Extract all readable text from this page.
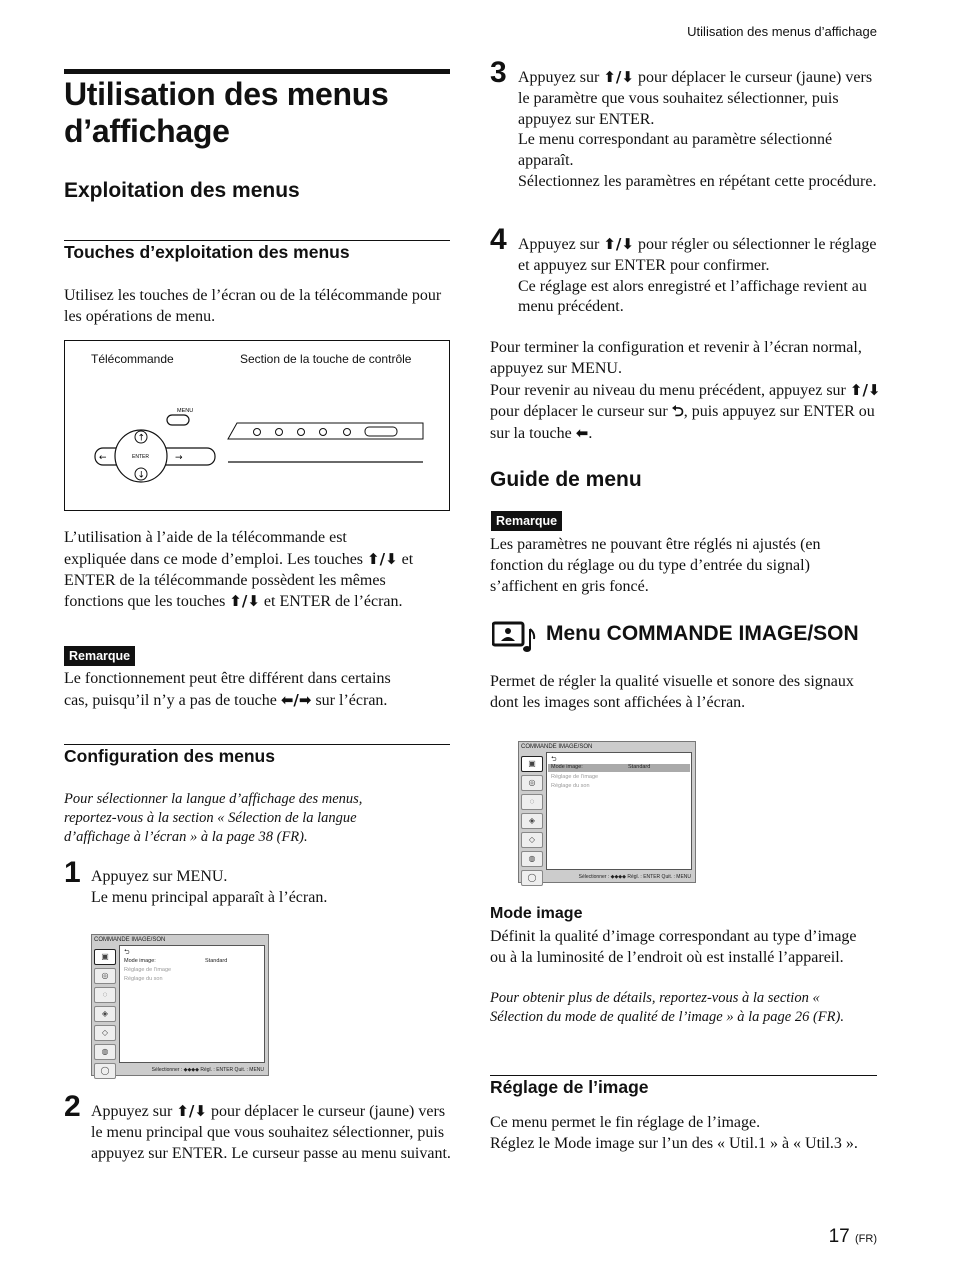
Utilisation des menus d’affichage
Utilisation des menus
d’affichage
Exploitation des menus
Touches d’exploitation des menus
Utilisez les touches de l’écran ou de la télécommande pour les opérations de menu.
Télécommande	Section de la touche de contrôle
MENU
↑
↓
ENTER
←	→
L’utilisation à l’aide de la télécommande est
expliquée dans ce mode d’emploi. Les touches ⬆/⬇ et
ENTER de la télécommande possèdent les mêmes
fonctions que les touches ⬆/⬇ et ENTER de l’écran.
Remarque
Le fonctionnement peut être différent dans certains
cas, puisqu’il n’y a pas de touche ⬅/➡ sur l’écran.
Configuration des menus
Pour sélectionner la langue d’affichage des menus, reportez-vous à la section « Sélection de la langue d’affichage à l’écran » à la page 38 (FR).
1 Appuyez sur MENU.
Le menu principal apparaît à l’écran.
COMMANDE IMAGE/SON
▣
◎
◌
◈
◇
◍
◯
⮌
Mode image:	Standard
Réglage de l’image
Réglage du son
Sélectionner : ◆◆◆◆ Régl. : ENTER Quit. : MENU
2 Appuyez sur ⬆/⬇ pour déplacer le curseur (jaune) vers le menu principal que vous souhaitez sélectionner, puis appuyez sur ENTER. Le curseur passe au menu suivant.
3 Appuyez sur ⬆/⬇ pour déplacer le curseur (jaune) vers le paramètre que vous souhaitez sélectionner, puis appuyez sur ENTER.
Le menu correspondant au paramètre sélectionné apparaît.
Sélectionnez les paramètres en répétant cette procédure.
4 Appuyez sur ⬆/⬇ pour régler ou sélectionner le réglage et appuyez sur ENTER pour confirmer.
Ce réglage est alors enregistré et l’affichage revient au menu précédent.
Pour terminer la configuration et revenir à l’écran normal, appuyez sur MENU.
Pour revenir au niveau du menu précédent, appuyez sur ⬆/⬇ pour déplacer le curseur sur ⮌, puis appuyez sur ENTER ou sur la touche ⬅.
Guide de menu
Remarque
Les paramètres ne pouvant être réglés ni ajustés (en fonction du réglage ou du type d’entrée du signal) s’affichent en gris foncé.
Menu COMMANDE IMAGE/SON
Permet de régler la qualité visuelle et sonore des signaux dont les images sont affichées à l’écran.
COMMANDE IMAGE/SON
▣
◎
◌
◈
◇
◍
◯
⮌
Mode image:	Standard
Réglage de l’image
Réglage du son
Sélectionner : ◆◆◆◆ Régl. : ENTER Quit. : MENU
Mode image
Définit la qualité d’image correspondant au type d’image ou à la luminosité de l’endroit où est installé l’appareil.
Pour obtenir plus de détails, reportez-vous à la section « Sélection du mode de qualité de l’image » à la page 26 (FR).
Réglage de l’image
Ce menu permet le fin réglage de l’image.
Réglez le Mode image sur l’un des « Util.1 » à « Util.3 ».
17 (FR)
